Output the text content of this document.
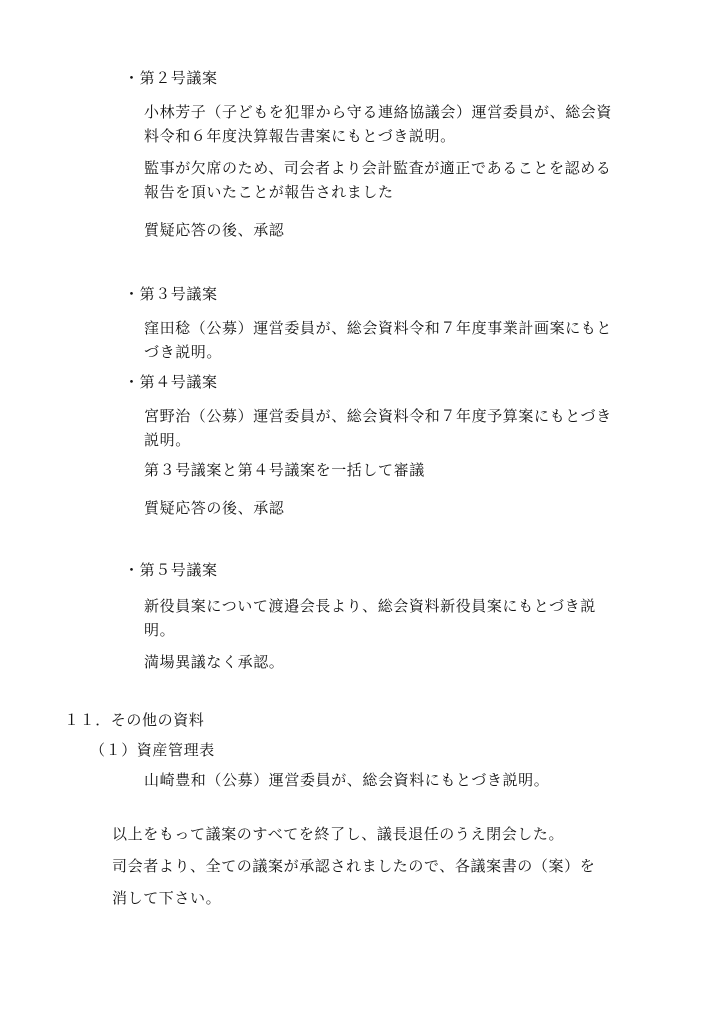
・第２号議案
小林芳子（子どもを犯罪から守る連絡協議会）運営委員が、総会資
料令和６年度決算報告書案にもとづき説明。
監事が欠席のため、司会者より会計監査が適正であることを認める
報告を頂いたことが報告されました
質疑応答の後、承認
・第３号議案
窪田稔（公募）運営委員が、総会資料令和７年度事業計画案にもと
づき説明。
・第４号議案
宮野治（公募）運営委員が、総会資料令和７年度予算案にもとづき
説明。
第３号議案と第４号議案を一括して審議
質疑応答の後、承認
・第５号議案
新役員案について渡邉会長より、総会資料新役員案にもとづき説
明。
満場異議なく承認。
１１．その他の資料
（１）資産管理表
山崎豊和（公募）運営委員が、総会資料にもとづき説明。
以上をもって議案のすべてを終了し、議長退任のうえ閉会した。
司会者より、全ての議案が承認されましたので、各議案書の（案）を
消して下さい。
